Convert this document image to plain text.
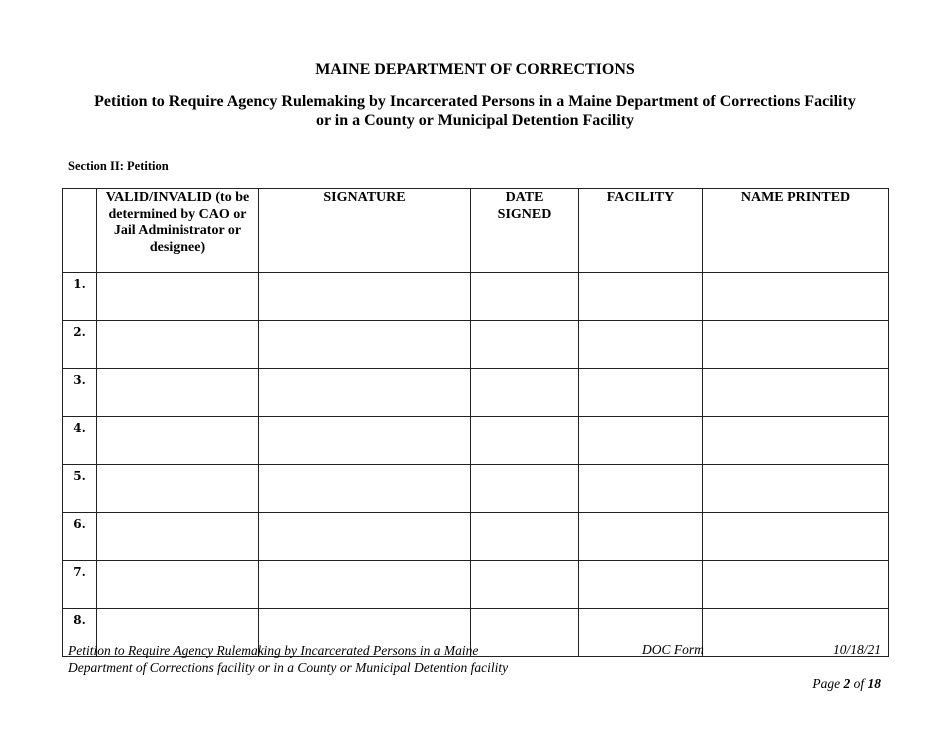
MAINE DEPARTMENT OF CORRECTIONS
Petition to Require Agency Rulemaking by Incarcerated Persons in a Maine Department of Corrections Facility
or in a County or Municipal Detention Facility
Section II: Petition
	VALID/INVALID (to be determined by CAO or Jail Administrator or designee)	SIGNATURE	DATE SIGNED	FACILITY	NAME PRINTED
1.					
2.					
3.					
4.					
5.					
6.					
7.					
8.					
Petition to Require Agency Rulemaking by Incarcerated Persons in a Maine
Department of Corrections facility or in a County or Municipal Detention facility
DOC Form	10/18/21
Page 2 of 18
